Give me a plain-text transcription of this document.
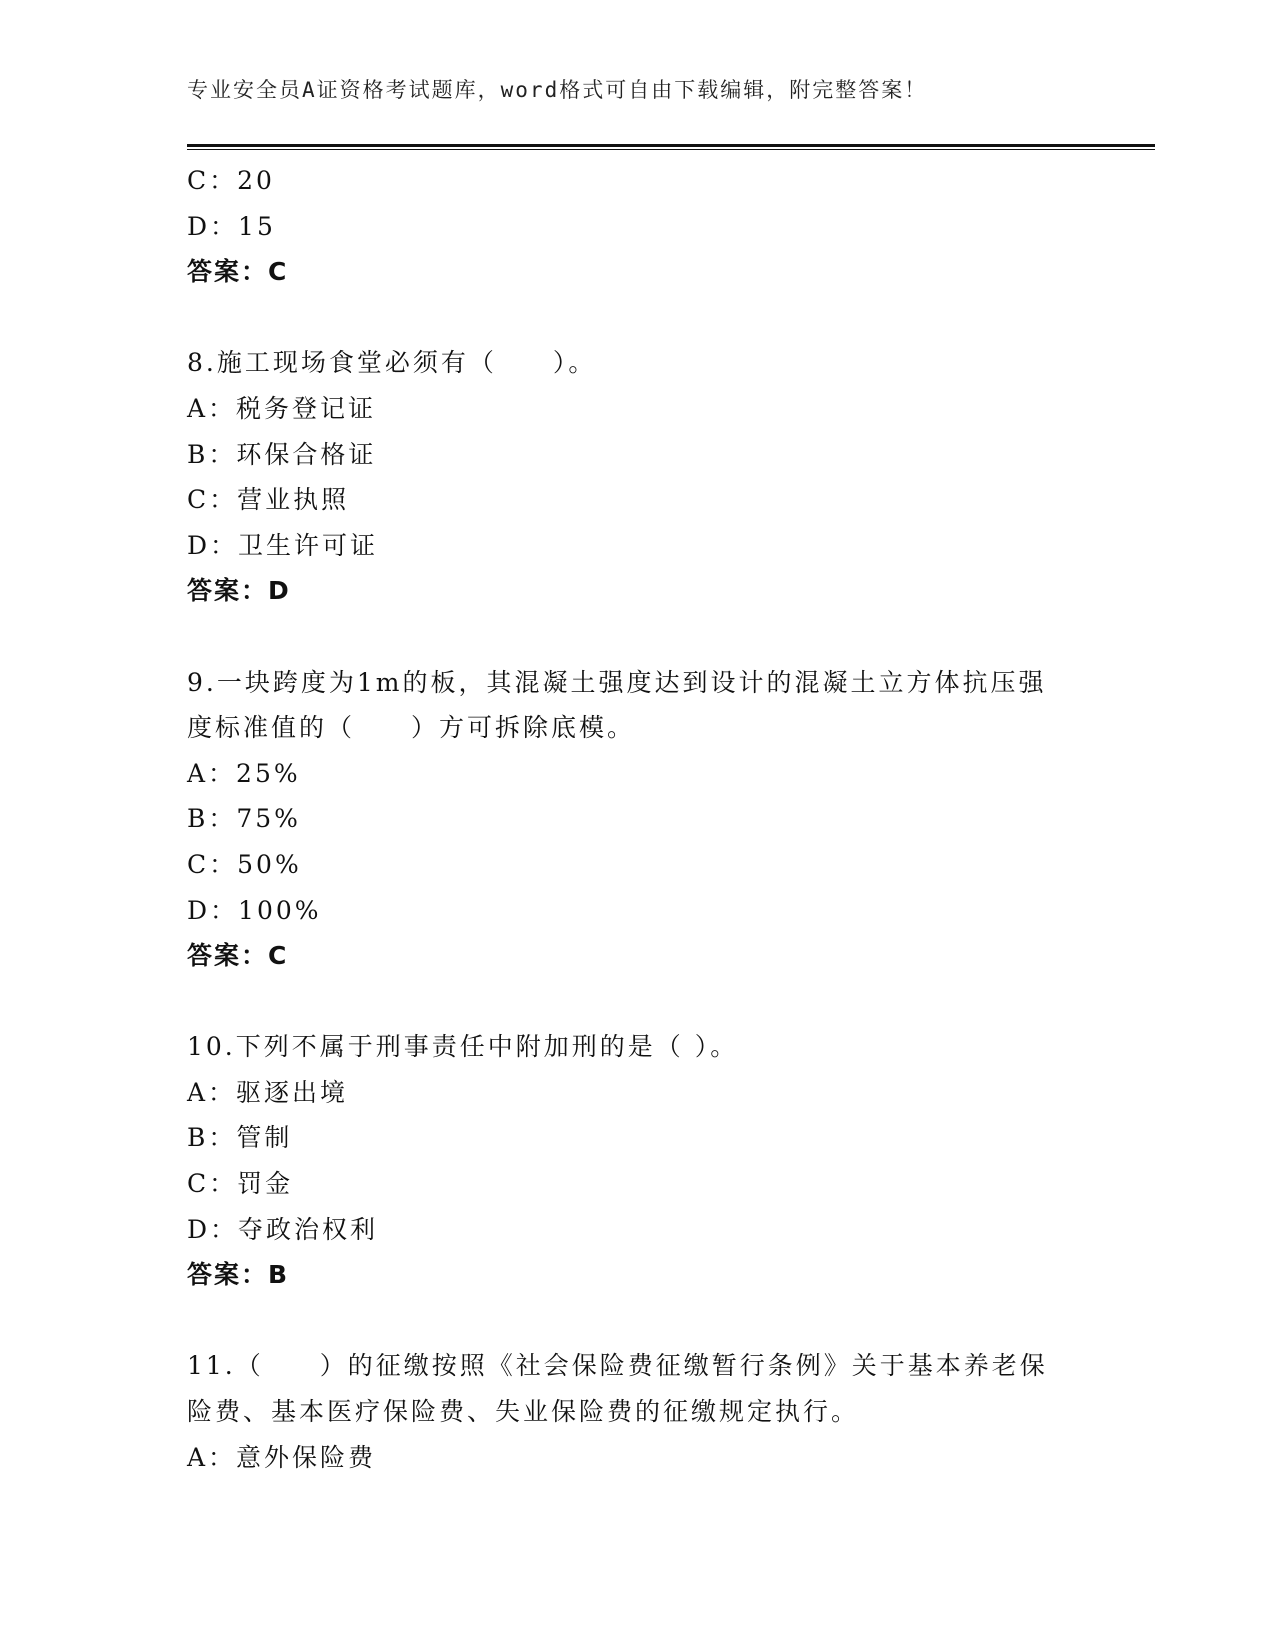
专业安全员A证资格考试题库，word格式可自由下载编辑，附完整答案！
C：20
D：15
答案：C
8.施工现场食堂必须有（　　）。
A：税务登记证
B：环保合格证
C：营业执照
D：卫生许可证
答案：D
9.一块跨度为1m的板，其混凝土强度达到设计的混凝土立方体抗压强
度标准值的（　　）方可拆除底模。
A：25%
B：75%
C：50%
D：100%
答案：C
10.下列不属于刑事责任中附加刑的是（ ）。
A：驱逐出境
B：管制
C：罚金
D：夺政治权利
答案：B
11.（　　）的征缴按照《社会保险费征缴暂行条例》关于基本养老保
险费、基本医疗保险费、失业保险费的征缴规定执行。
A：意外保险费
